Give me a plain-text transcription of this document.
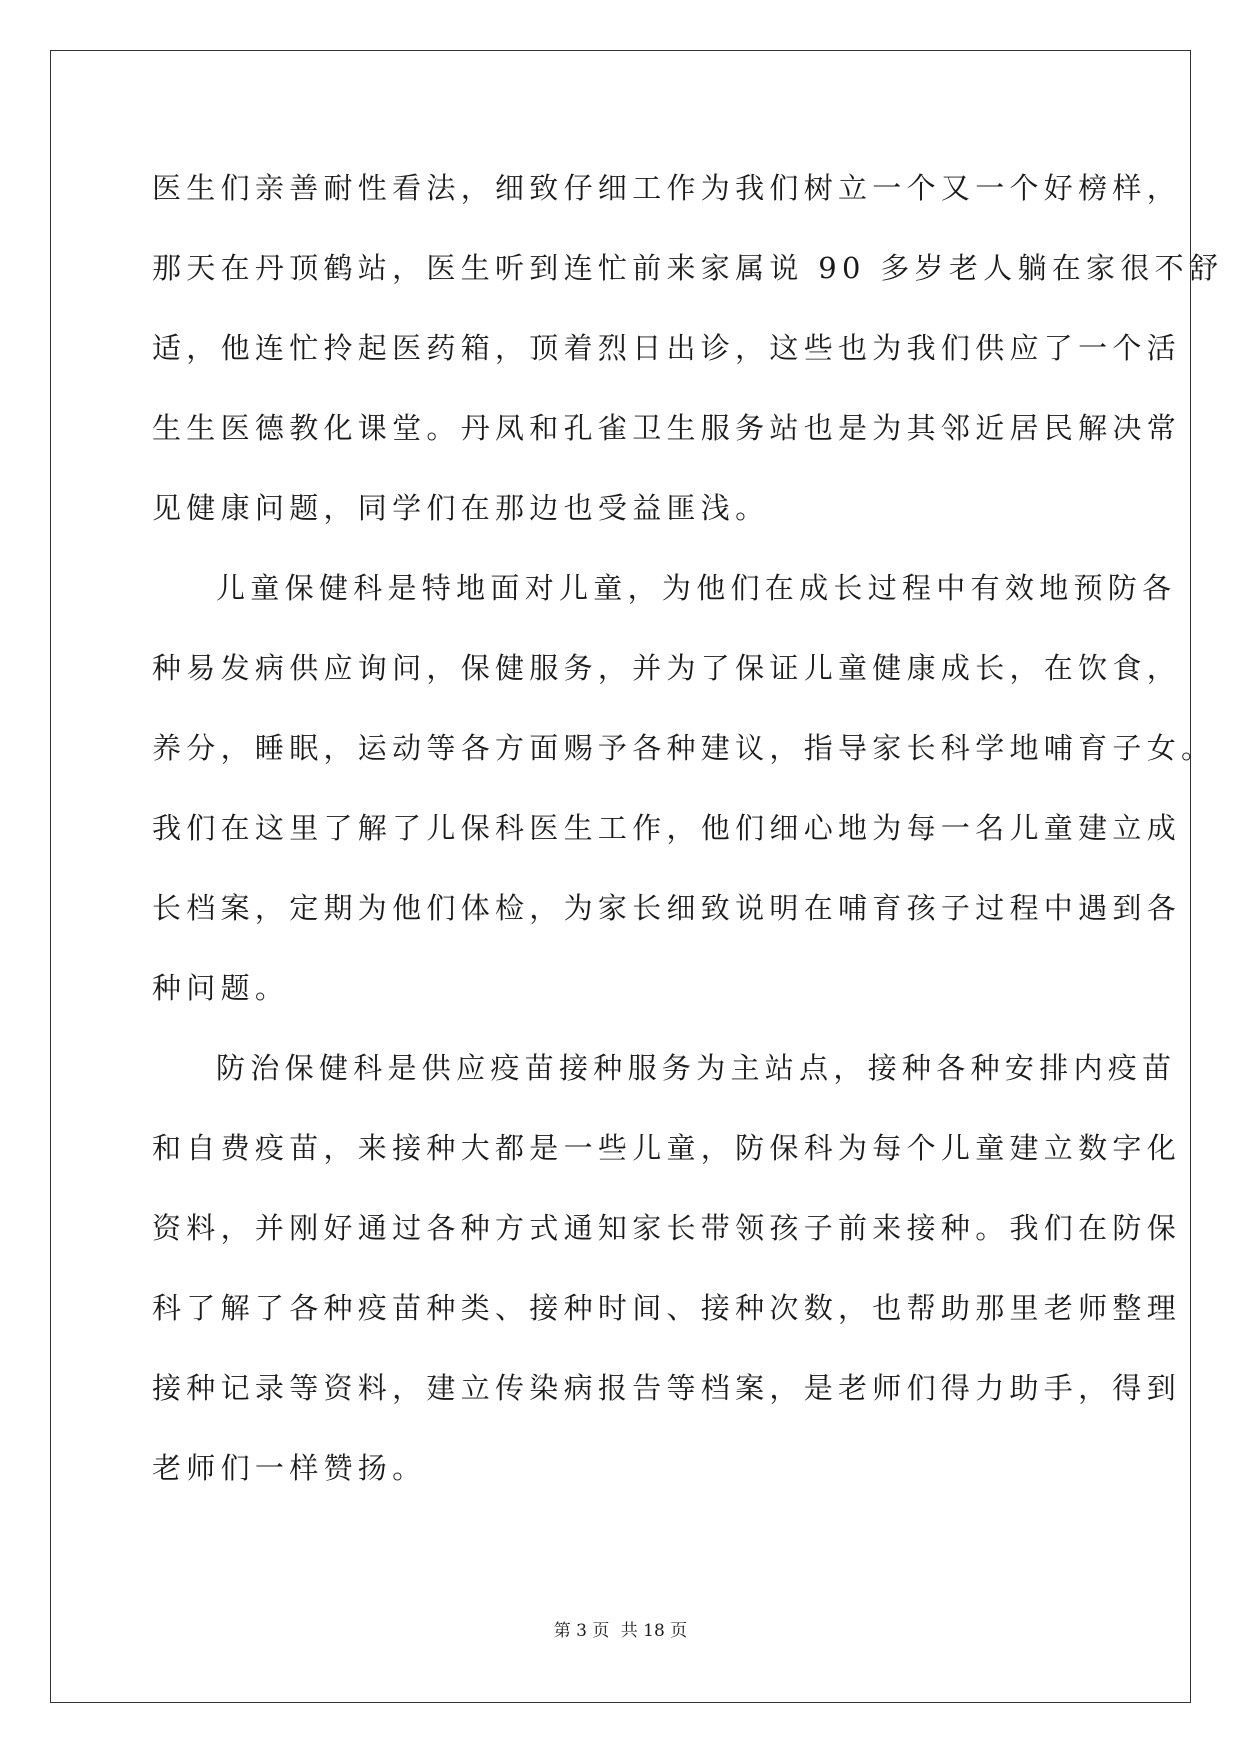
医生们亲善耐性看法，细致仔细工作为我们树立一个又一个好榜样，
那天在丹顶鹤站，医生听到连忙前来家属说 90 多岁老人躺在家很不舒
适，他连忙拎起医药箱，顶着烈日出诊，这些也为我们供应了一个活
生生医德教化课堂。丹凤和孔雀卫生服务站也是为其邻近居民解决常
见健康问题，同学们在那边也受益匪浅。
儿童保健科是特地面对儿童，为他们在成长过程中有效地预防各
种易发病供应询问，保健服务，并为了保证儿童健康成长，在饮食，
养分，睡眠，运动等各方面赐予各种建议，指导家长科学地哺育子女。
我们在这里了解了儿保科医生工作，他们细心地为每一名儿童建立成
长档案，定期为他们体检，为家长细致说明在哺育孩子过程中遇到各
种问题。
防治保健科是供应疫苗接种服务为主站点，接种各种安排内疫苗
和自费疫苗，来接种大都是一些儿童，防保科为每个儿童建立数字化
资料，并刚好通过各种方式通知家长带领孩子前来接种。我们在防保
科了解了各种疫苗种类、接种时间、接种次数，也帮助那里老师整理
接种记录等资料，建立传染病报告等档案，是老师们得力助手，得到
老师们一样赞扬。
第 3 页 共 18 页
